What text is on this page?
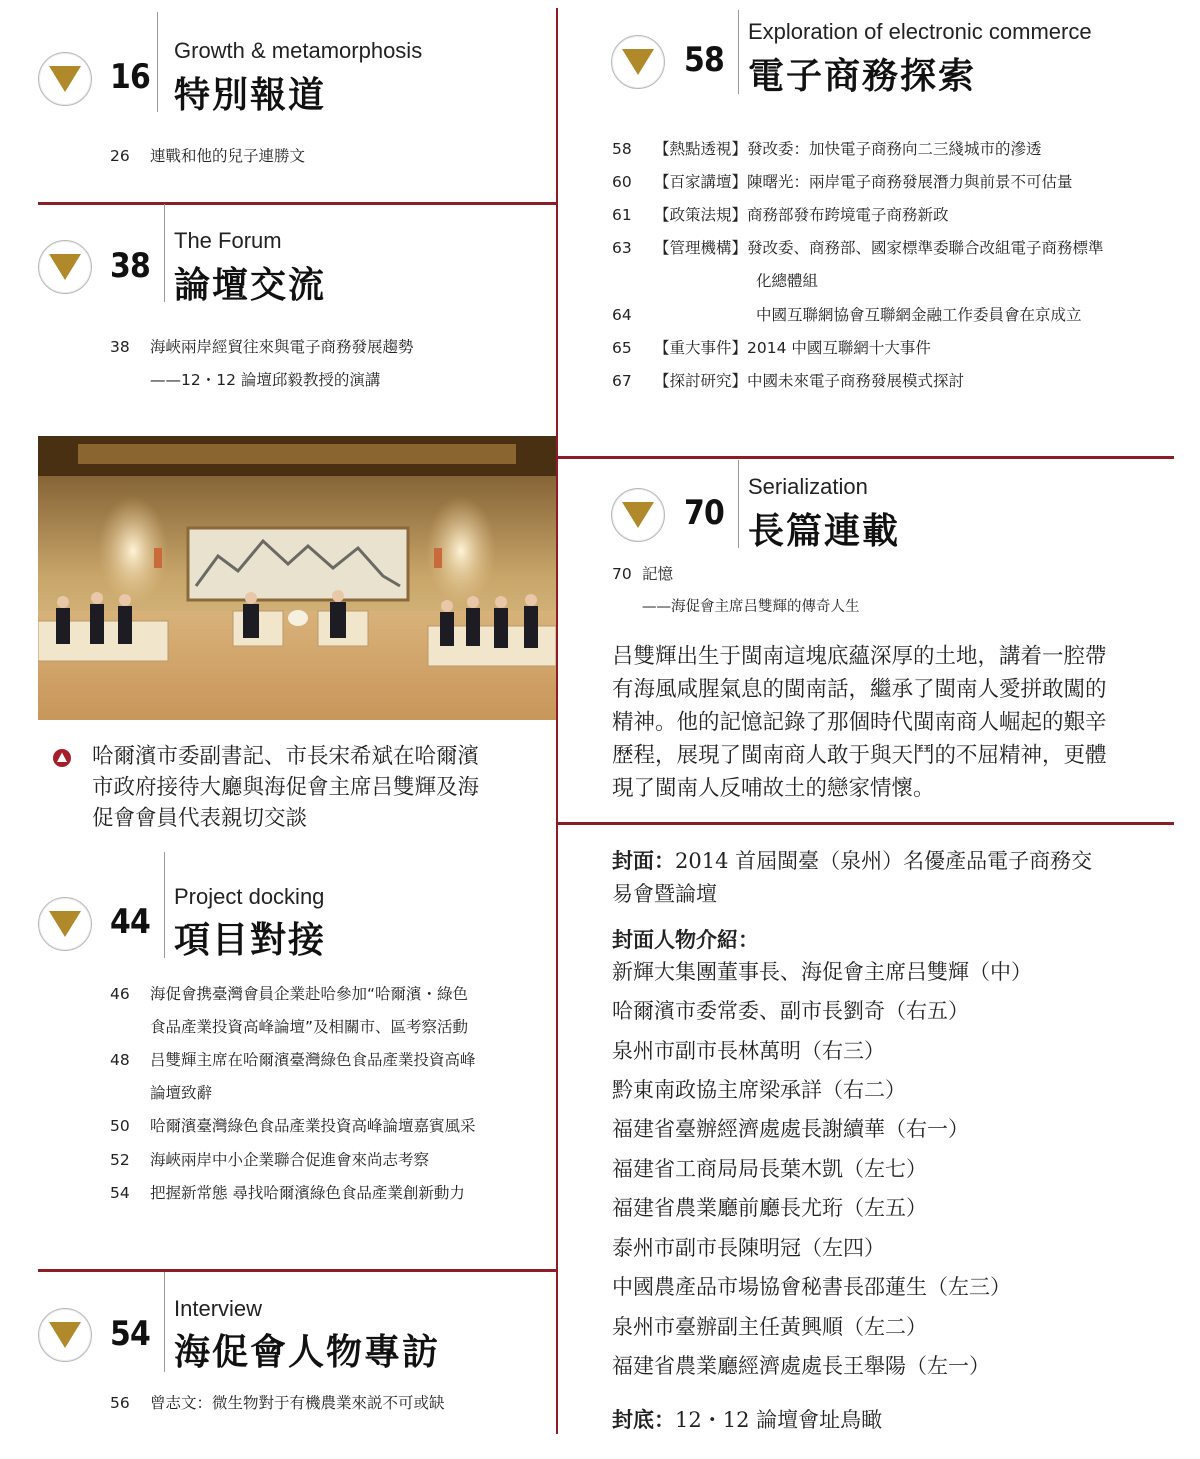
16
Growth & metamorphosis
特別報道
26 連戰和他的兒子連勝文
38
The Forum
論壇交流
38 海峽兩岸經貿往來與電子商務發展趨勢
——12・12 論壇邱毅教授的演講
哈爾濱市委副書記、市長宋希斌在哈爾濱
市政府接待大廳與海促會主席吕雙輝及海
促會會員代表親切交談
44
Project docking
項目對接
46 海促會携臺灣會員企業赴哈參加“哈爾濱・綠色
食品產業投資高峰論壇”及相關市、區考察活動
48 吕雙輝主席在哈爾濱臺灣綠色食品產業投資高峰
論壇致辭
50 哈爾濱臺灣綠色食品產業投資高峰論壇嘉賓風采
52 海峽兩岸中小企業聯合促進會來尚志考察
54 把握新常態 尋找哈爾濱綠色食品產業創新動力
54
Interview
海促會人物專訪
56 曾志文：微生物對于有機農業來説不可或缺
58
Exploration of electronic commerce
電子商務探索
58 【熱點透視】發改委：加快電子商務向二三綫城市的滲透
60 【百家講壇】陳曙光：兩岸電子商務發展潛力與前景不可估量
61 【政策法規】商務部發布跨境電子商務新政
63 【管理機構】發改委、商務部、國家標準委聯合改組電子商務標準
化總體組
64	中國互聯網協會互聯網金融工作委員會在京成立
65 【重大事件】2014 中國互聯網十大事件
67 【探討研究】中國未來電子商務發展模式探討
70
Serialization
長篇連載
70 記憶
——海促會主席吕雙輝的傳奇人生
吕雙輝出生于閩南這塊底蘊深厚的土地，講着一腔帶
有海風咸腥氣息的閩南話，繼承了閩南人愛拼敢闖的
精神。他的記憶記錄了那個時代閩南商人崛起的艱辛
歷程，展現了閩南商人敢于與天鬥的不屈精神，更體
現了閩南人反哺故土的戀家情懷。
封面：2014 首屆閩臺（泉州）名優產品電子商務交
易會暨論壇
封面人物介紹：
新輝大集團董事長、海促會主席吕雙輝（中）
哈爾濱市委常委、副市長劉奇（右五）
泉州市副市長林萬明（右三）
黔東南政協主席梁承詳（右二）
福建省臺辦經濟處處長謝續華（右一）
福建省工商局局長葉木凱（左七）
福建省農業廳前廳長尤珩（左五）
泰州市副市長陳明冠（左四）
中國農產品市場協會秘書長邵蓮生（左三）
泉州市臺辦副主任黃興順（左二）
福建省農業廳經濟處處長王舉陽（左一）
封底：12・12 論壇會址鳥瞰
